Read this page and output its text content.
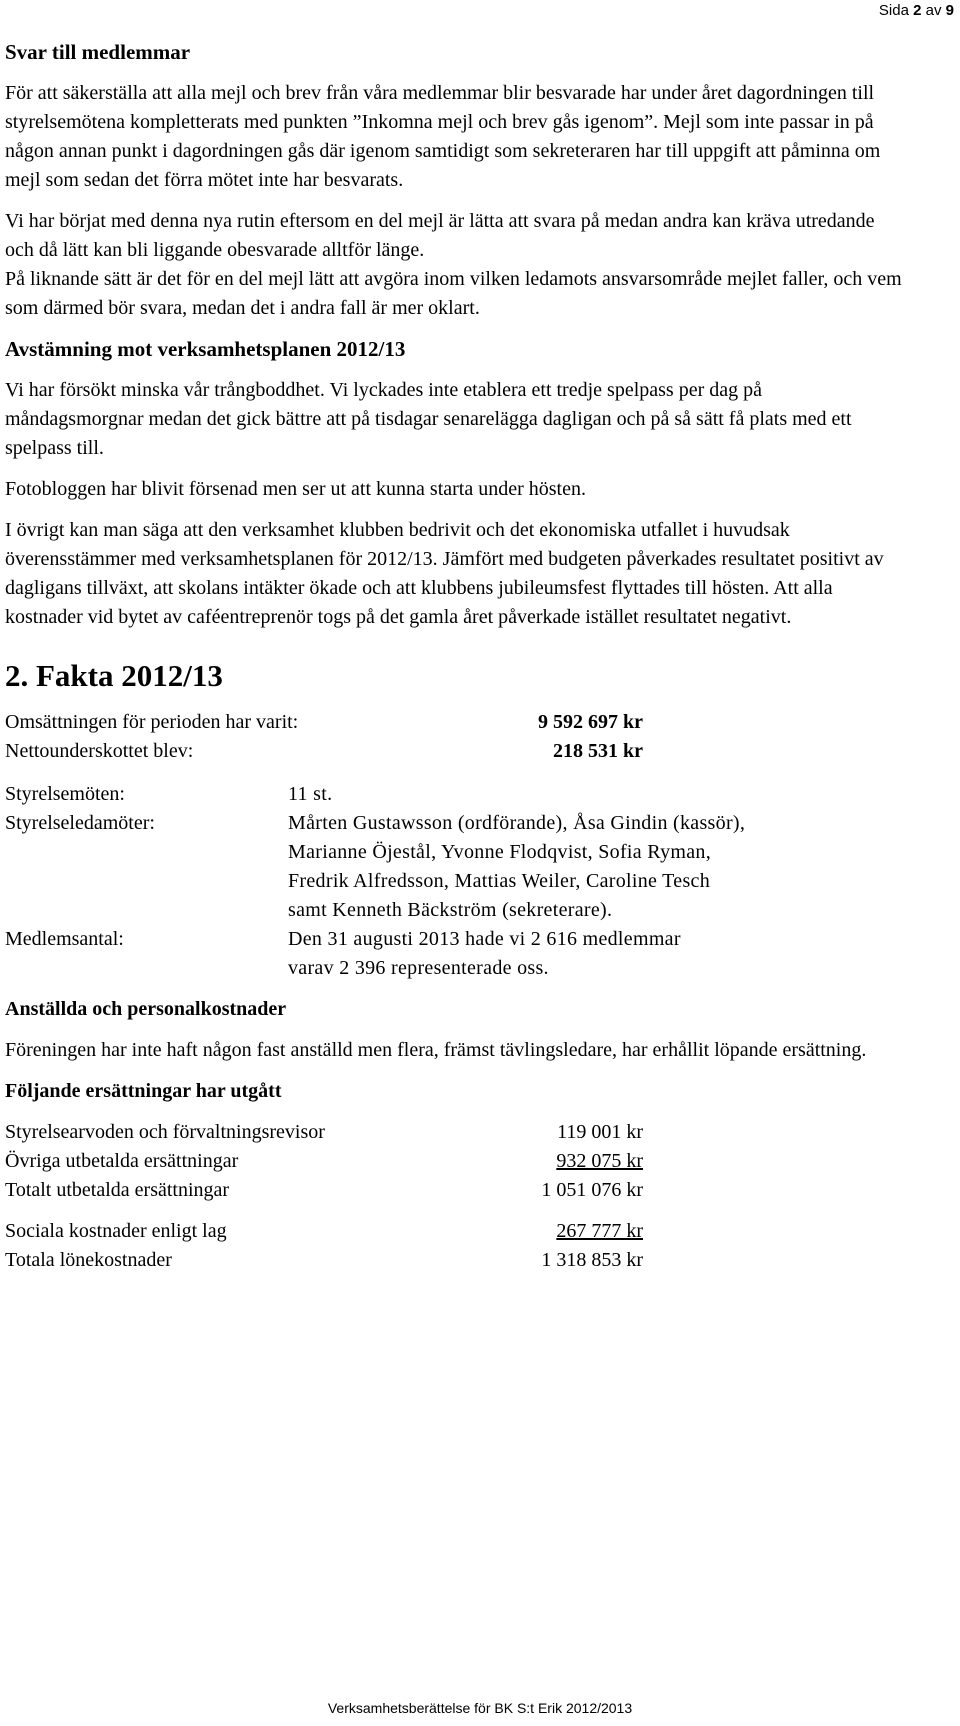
Sida 2 av 9
Svar till medlemmar

För att säkerställa att alla mejl och brev från våra medlemmar blir besvarade har under året dagordningen till styrelsemötena kompletterats med punkten ”Inkomna mejl och brev gås igenom”. Mejl som inte passar in på någon annan punkt i dagordningen gås där igenom samtidigt som sekreteraren har till uppgift att påminna om mejl som sedan det förra mötet inte har besvarats.

Vi har börjat med denna nya rutin eftersom en del mejl är lätta att svara på medan andra kan kräva utredande och då lätt kan bli liggande obesvarade alltför länge.

På liknande sätt är det för en del mejl lätt att avgöra inom vilken ledamots ansvarsområde mejlet faller, och vem som därmed bör svara, medan det i andra fall är mer oklart.

Avstämning mot verksamhetsplanen 2012/13

Vi har försökt minska vår trångboddhet. Vi lyckades inte etablera ett tredje spelpass per dag på måndagsmorgnar medan det gick bättre att på tisdagar senarelägga dagligan och på så sätt få plats med ett spelpass till.

Fotobloggen har blivit försenad men ser ut att kunna starta under hösten.

I övrigt kan man säga att den verksamhet klubben bedrivit och det ekonomiska utfallet i huvudsak överensstämmer med verksamhetsplanen för 2012/13. Jämfört med budgeten påverkades resultatet positivt av dagligans tillväxt, att skolans intäkter ökade och att klubbens jubileumsfest flyttades till hösten. Att alla kostnader vid bytet av caféentreprenör togs på det gamla året påverkade istället resultatet negativt.

2. Fakta 2012/13
Omsättningen för perioden har varit:	9 592 697 kr
Nettounderskottet blev:	218 531 kr
Styrelsemöten:	11 st.
Styrelseledamöter:	Mårten Gustawsson (ordförande), Åsa Gindin (kassör),
Marianne Öjestål, Yvonne Flodqvist, Sofia Ryman,
Fredrik Alfredsson, Mattias Weiler, Caroline Tesch
samt Kenneth Bäckström (sekreterare).
Medlemsantal:	Den 31 augusti 2013 hade vi 2 616 medlemmar
varav 2 396 representerade oss.
Anställda och personalkostnader

Föreningen har inte haft någon fast anställd men flera, främst tävlingsledare, har erhållit löpande ersättning.

Följande ersättningar har utgått
Styrelsearvoden och förvaltningsrevisor	119 001 kr
Övriga utbetalda ersättningar	932 075 kr
Totalt utbetalda ersättningar	1 051 076 kr
Sociala kostnader enligt lag	267 777 kr
Totala lönekostnader	1 318 853 kr
Verksamhetsberättelse för BK S:t Erik 2012/2013
